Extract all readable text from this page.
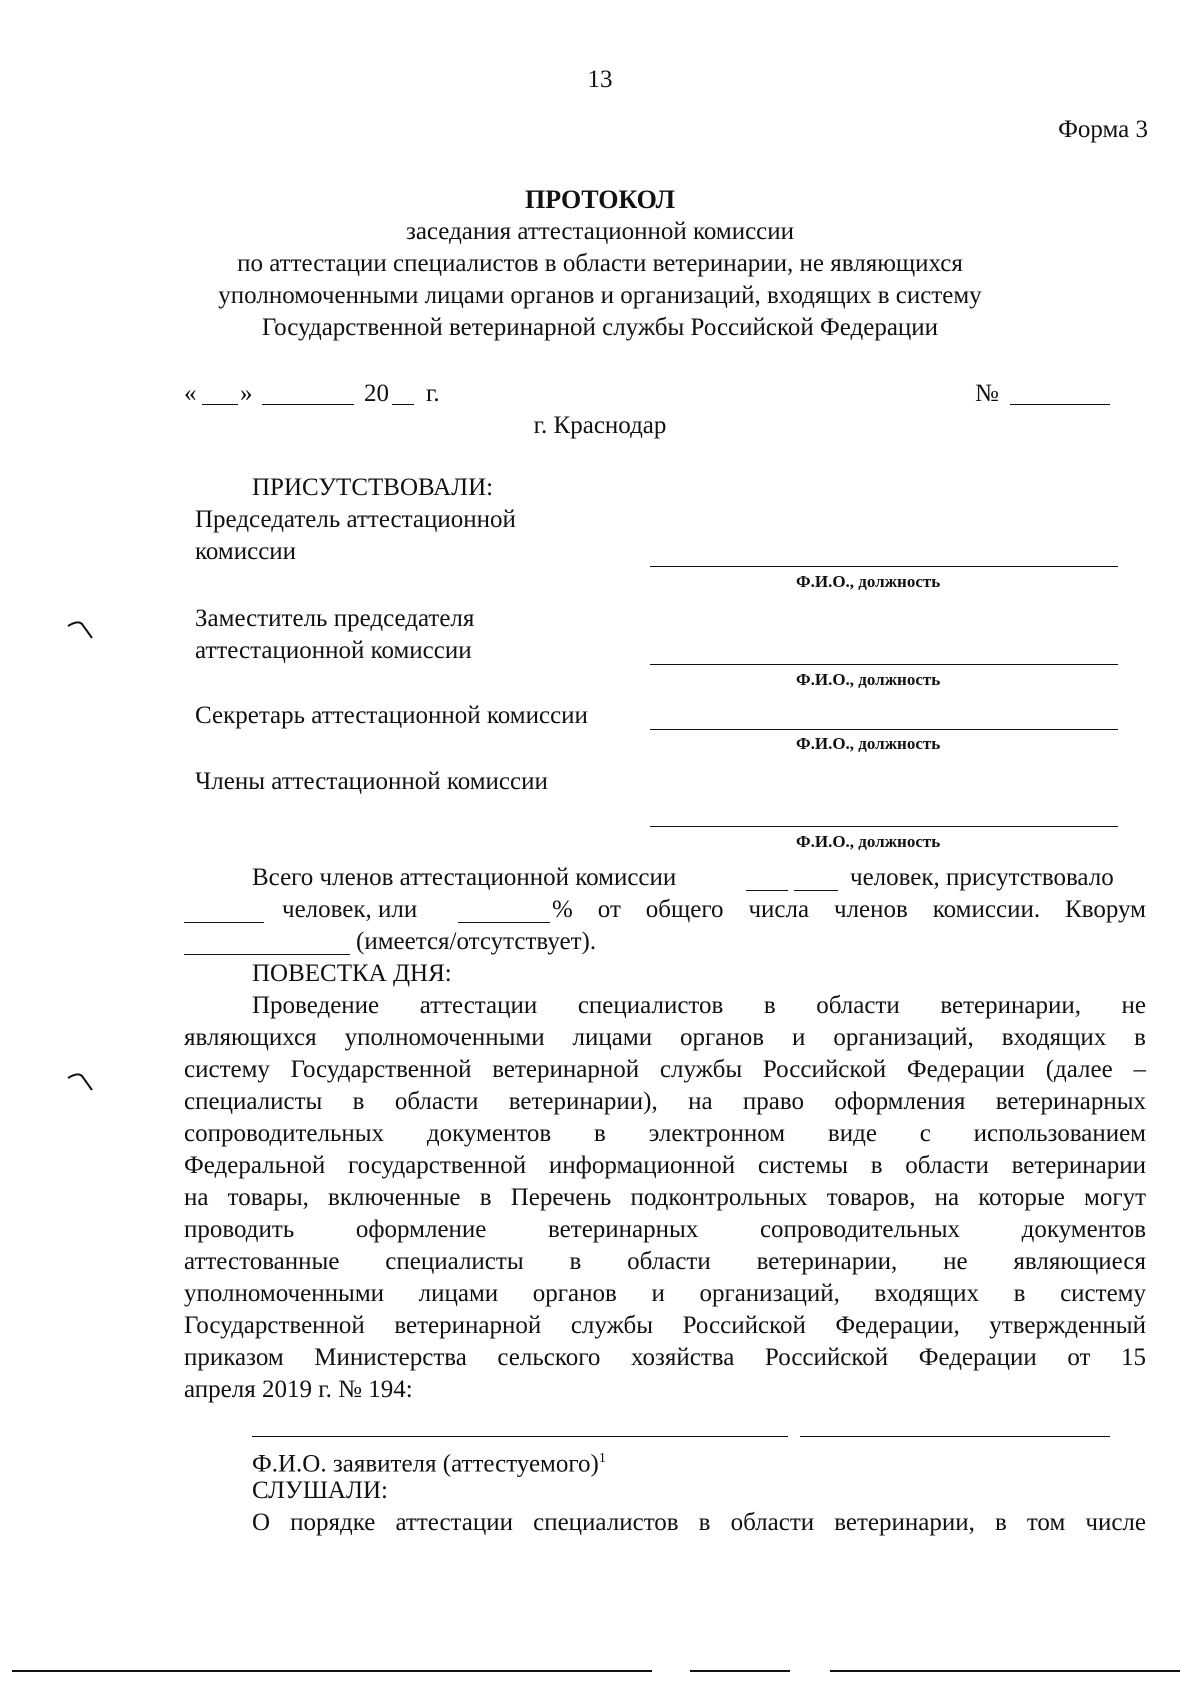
13
Форма 3
ПРОТОКОЛ
заседания аттестационной комиссии
по аттестации специалистов в области ветеринарии, не являющихся
уполномоченными лицами органов и организаций, входящих в систему
Государственной ветеринарной службы Российской Федерации
« »	20 г.	№
г. Краснодар
ПРИСУТСТВОВАЛИ:
Председатель аттестационной
комиссии
Ф.И.О., должность
Заместитель председателя
аттестационной комиссии
Ф.И.О., должность
Секретарь аттестационной комиссии
Ф.И.О., должность
Члены аттестационной комиссии
Ф.И.О., должность
Всего членов аттестационной комиссии	человек, присутствовало
человек, или	% от общего числа членов комиссии. Кворум
(имеется/отсутствует).
ПОВЕСТКА ДНЯ:
Проведение аттестации специалистов в области ветеринарии, не
являющихся уполномоченными лицами органов и организаций, входящих в
систему Государственной ветеринарной службы Российской Федерации (далее –
специалисты в области ветеринарии), на право оформления ветеринарных
сопроводительных документов в электронном виде с использованием
Федеральной государственной информационной системы в области ветеринарии
на товары, включенные в Перечень подконтрольных товаров, на которые могут
проводить оформление ветеринарных сопроводительных документов
аттестованные специалисты в области ветеринарии, не являющиеся
уполномоченными лицами органов и организаций, входящих в систему
Государственной ветеринарной службы Российской Федерации, утвержденный
приказом Министерства сельского хозяйства Российской Федерации от 15
апреля 2019 г. № 194:
Ф.И.О. заявителя (аттестуемого)$^1$
СЛУШАЛИ:
О порядке аттестации специалистов в области ветеринарии, в том числе
